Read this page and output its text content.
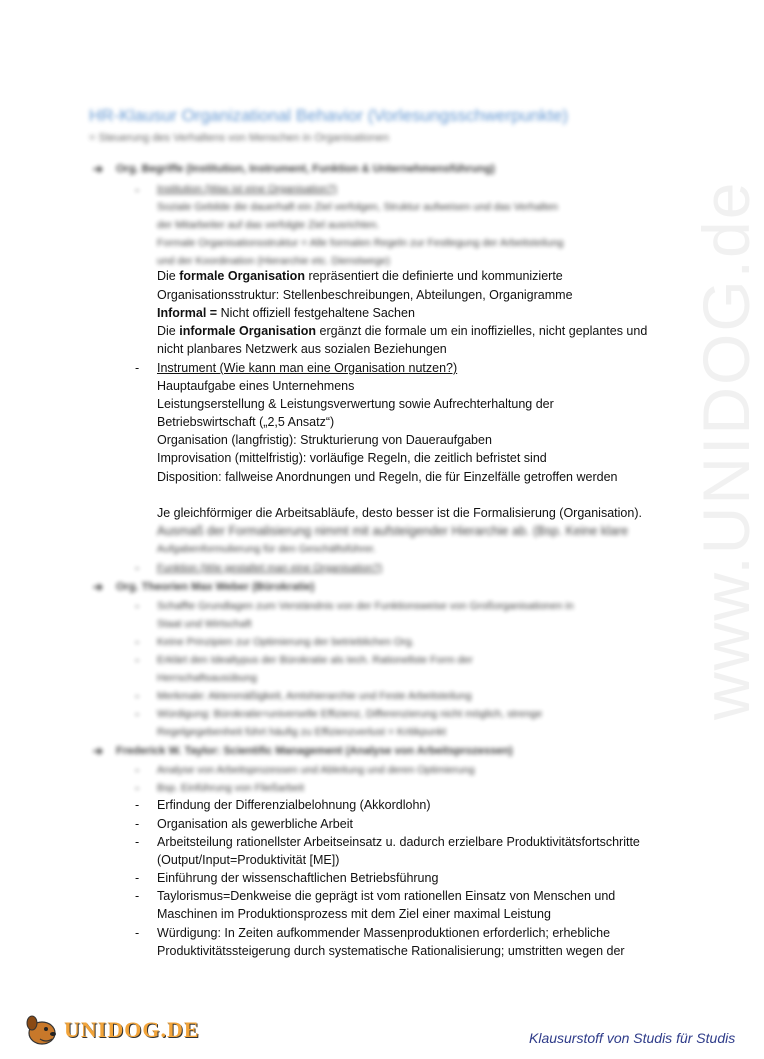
www.UNIDOG.de
HR-Klausur Organizational Behavior (Vorlesungsschwerpunkte)
= Steuerung des Verhaltens von Menschen in Organisationen
➔ Org. Begriffe (Institution, Instrument, Funktion & Unternehmensführung)
- Institution (Was ist eine Organisation?)
Soziale Gebilde die dauerhaft ein Ziel verfolgen, Struktur aufweisen und das Verhalten
der Mitarbeiter auf das verfolgte Ziel ausrichten.
Formale Organisationsstruktur = Alle formalen Regeln zur Festlegung der Arbeitsteilung
und der Koordination (Hierarchie etc. Dienstwege)
Die formale Organisation repräsentiert die definierte und kommunizierte
Organisationsstruktur: Stellenbeschreibungen, Abteilungen, Organigramme
Informal = Nicht offiziell festgehaltene Sachen
Die informale Organisation ergänzt die formale um ein inoffizielles, nicht geplantes und
nicht planbares Netzwerk aus sozialen Beziehungen
- Instrument (Wie kann man eine Organisation nutzen?)
Hauptaufgabe eines Unternehmens
Leistungserstellung & Leistungsverwertung sowie Aufrechterhaltung der
Betriebswirtschaft („2,5 Ansatz“)
Organisation (langfristig): Strukturierung von Daueraufgaben
Improvisation (mittelfristig): vorläufige Regeln, die zeitlich befristet sind
Disposition: fallweise Anordnungen und Regeln, die für Einzelfälle getroffen werden
Je gleichförmiger die Arbeitsabläufe, desto besser ist die Formalisierung (Organisation).
Ausmaß der Formalisierung nimmt mit aufsteigender Hierarchie ab. (Bsp. Keine klare
Aufgabenformulierung für den Geschäftsführer.
- Funktion (Wie gestaltet man eine Organisation?)
➔ Org. Theorien Max Weber (Bürokratie)
- Schaffte Grundlagen zum Verständnis von der Funktionsweise von Großorganisationen in
Staat und Wirtschaft
- Keine Prinzipien zur Optimierung der betrieblichen Org.
- Erklärt den Idealtypus der Bürokratie als tech. Rationellste Form der
Herrschaftsausübung
- Merkmale: Aktenmäßigkeit, Amtshierarchie und Feste Arbeitsteilung
- Würdigung: Bürokratie=universelle Effizienz, Differenzierung nicht möglich, strenge
Regelgegebenheit führt häufig zu Effizienzverlust = Kritikpunkt
➔ Frederick W. Taylor: Scientific Management (Analyse von Arbeitsprozessen)
- Analyse von Arbeitsprozessen und Ableitung und deren Optimierung
- Bsp. Einführung von Fließarbeit
- Erfindung der Differenzialbelohnung (Akkordlohn)
- Organisation als gewerbliche Arbeit
- Arbeitsteilung rationellster Arbeitseinsatz u. dadurch erzielbare Produktivitätsfortschritte
(Output/Input=Produktivität [ME])
- Einführung der wissenschaftlichen Betriebsführung
- Taylorismus=Denkweise die geprägt ist vom rationellen Einsatz von Menschen und
Maschinen im Produktionsprozess mit dem Ziel einer maximal Leistung
- Würdigung: In Zeiten aufkommender Massenproduktionen erforderlich; erhebliche
Produktivitätssteigerung durch systematische Rationalisierung; umstritten wegen der
UNIDOG.DE	Klausurstoff von Studis für Studis
